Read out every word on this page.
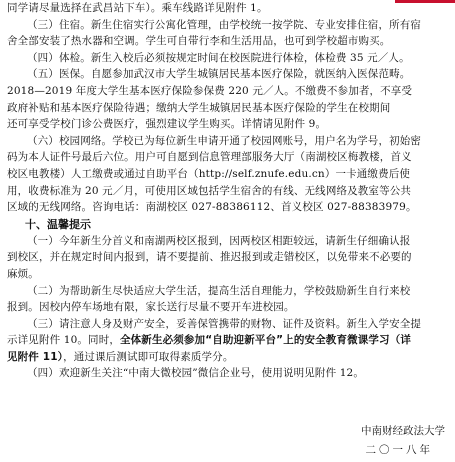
同学请尽量选择在武昌站下车）。乘车线路详见附件 1。
（三）住宿。新生住宿实行公寓化管理，由学校统一按学院、专业安排住宿，所有宿
舍全部安装了热水器和空调。学生可自带行李和生活用品，也可到学校超市购买。
（四）体检。新生入校后必须按规定时间在校医院进行体检，体检费 35 元／人。
（五）医保。自愿参加武汉市大学生城镇居民基本医疗保险，就医纳入医保范畴。
2018—2019 年度大学生基本医疗保险参保费 220 元／人。不缴费不参加者，不享受
政府补贴和基本医疗保险待遇；缴纳大学生城镇居民基本医疗保险的学生在校期间
还可享受学校门诊公费医疗，强烈建议学生购买。详情请见附件 9。
（六）校园网络。学校已为每位新生申请开通了校园网账号，用户名为学号，初始密
码为本人证件号最后六位。用户可自愿到信息管理部服务大厅（南湖校区梅教楼，首义
校区电教楼）人工缴费或通过自助平台（http://self.znufe.edu.cn）一卡通缴费后使
用，收费标准为 20 元／月，可使用区域包括学生宿舍的有线、无线网络及教室等公共
区域的无线网络。咨询电话：南湖校区 027-88386112、首义校区 027-88383979。
十、温馨提示
（一）今年新生分首义和南湖两校区报到，因两校区相距较远，请新生仔细确认报
到校区，并在规定时间内报到，请不要提前、推迟报到或走错校区，以免带来不必要的
麻烦。
（二）为帮助新生尽快适应大学生活，提高生活自理能力，学校鼓励新生自行来校
报到。因校内停车场地有限，家长送行尽量不要开车进校园。
（三）请注意人身及财产安全，妥善保管携带的财物、证件及资料。新生入学安全提
示详见附件 10。同时，全体新生必须参加“自助迎新平台”上的安全教育微课学习（详
见附件 11），通过课后测试即可取得素质学分。
（四）欢迎新生关注“中南大微校园”微信企业号，使用说明见附件 12。
中南财经政法大学
二〇一八年
